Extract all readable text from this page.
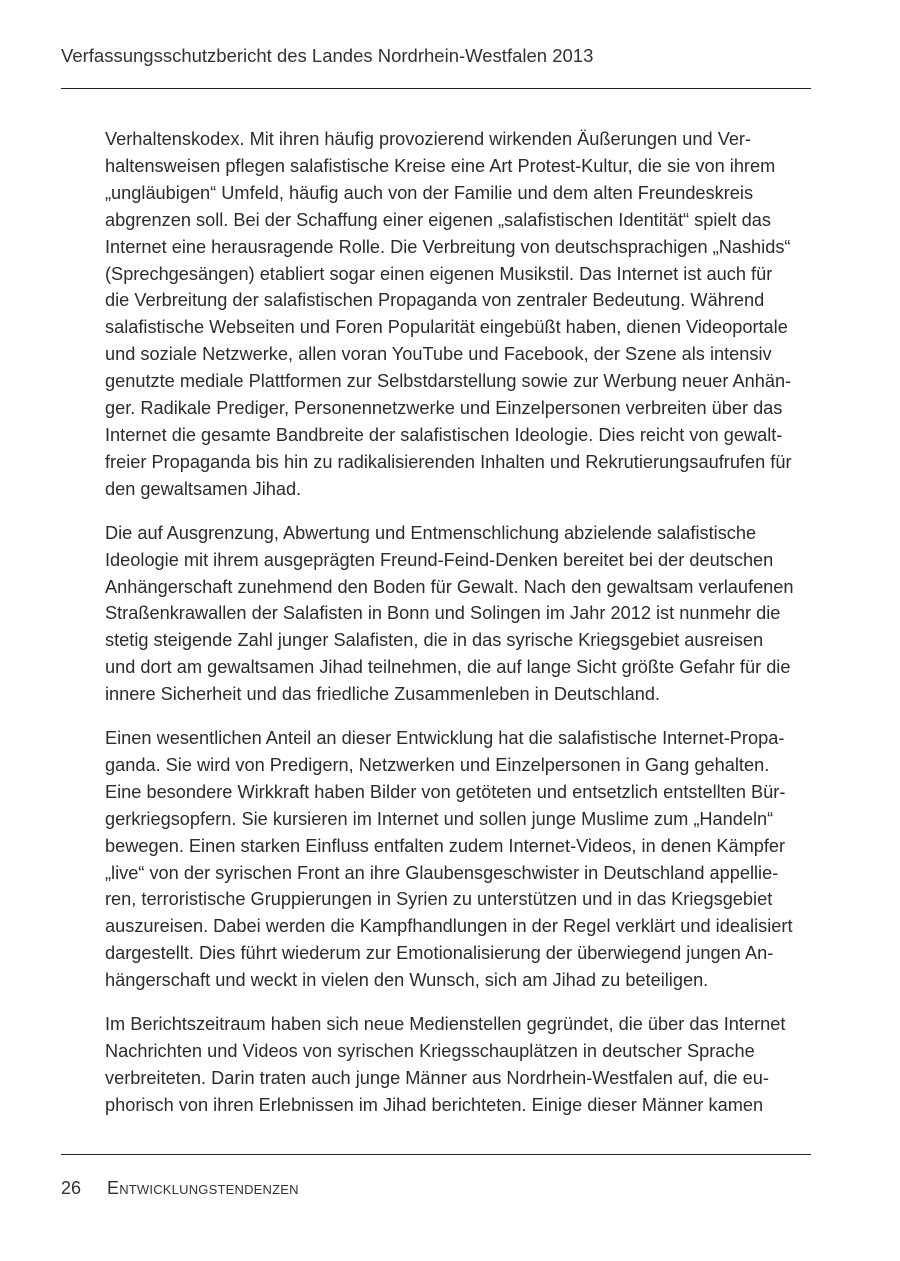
Verfassungsschutzbericht des Landes Nordrhein-Westfalen 2013
Verhaltenskodex. Mit ihren häufig provozierend wirkenden Äußerungen und Ver-
haltensweisen pflegen salafistische Kreise eine Art Protest-Kultur, die sie von ihrem
„ungläubigen“ Umfeld, häufig auch von der Familie und dem alten Freundeskreis
abgrenzen soll. Bei der Schaffung einer eigenen „salafistischen Identität“ spielt das
Internet eine herausragende Rolle. Die Verbreitung von deutschsprachigen „Nashids“
(Sprechgesängen) etabliert sogar einen eigenen Musikstil. Das Internet ist auch für
die Verbreitung der salafistischen Propaganda von zentraler Bedeutung. Während
salafistische Webseiten und Foren Popularität eingebüßt haben, dienen Videoportale
und soziale Netzwerke, allen voran YouTube und Facebook, der Szene als intensiv
genutzte mediale Plattformen zur Selbstdarstellung sowie zur Werbung neuer Anhän-
ger. Radikale Prediger, Personennetzwerke und Einzelpersonen verbreiten über das
Internet die gesamte Bandbreite der salafistischen Ideologie. Dies reicht von gewalt-
freier Propaganda bis hin zu radikalisierenden Inhalten und Rekrutierungsaufrufen für
den gewaltsamen Jihad.
Die auf Ausgrenzung, Abwertung und Entmenschlichung abzielende salafistische
Ideologie mit ihrem ausgeprägten Freund-Feind-Denken bereitet bei der deutschen
Anhängerschaft zunehmend den Boden für Gewalt. Nach den gewaltsam verlaufenen
Straßenkrawallen der Salafisten in Bonn und Solingen im Jahr 2012 ist nunmehr die
stetig steigende Zahl junger Salafisten, die in das syrische Kriegsgebiet ausreisen
und dort am gewaltsamen Jihad teilnehmen, die auf lange Sicht größte Gefahr für die
innere Sicherheit und das friedliche Zusammenleben in Deutschland.
Einen wesentlichen Anteil an dieser Entwicklung hat die salafistische Internet-Propa-
ganda. Sie wird von Predigern, Netzwerken und Einzelpersonen in Gang gehalten.
Eine besondere Wirkkraft haben Bilder von getöteten und entsetzlich entstellten Bür-
gerkriegsopfern. Sie kursieren im Internet und sollen junge Muslime zum „Handeln“
bewegen. Einen starken Einfluss entfalten zudem Internet-Videos, in denen Kämpfer
„live“ von der syrischen Front an ihre Glaubensgeschwister in Deutschland appellie-
ren, terroristische Gruppierungen in Syrien zu unterstützen und in das Kriegsgebiet
auszureisen. Dabei werden die Kampfhandlungen in der Regel verklärt und idealisiert
dargestellt. Dies führt wiederum zur Emotionalisierung der überwiegend jungen An-
hängerschaft und weckt in vielen den Wunsch, sich am Jihad zu beteiligen.
Im Berichtszeitraum haben sich neue Medienstellen gegründet, die über das Internet
Nachrichten und Videos von syrischen Kriegsschauplätzen in deutscher Sprache
verbreiteten. Darin traten auch junge Männer aus Nordrhein-Westfalen auf, die eu-
phorisch von ihren Erlebnissen im Jihad berichteten. Einige dieser Männer kamen
26 Entwicklungstendenzen
